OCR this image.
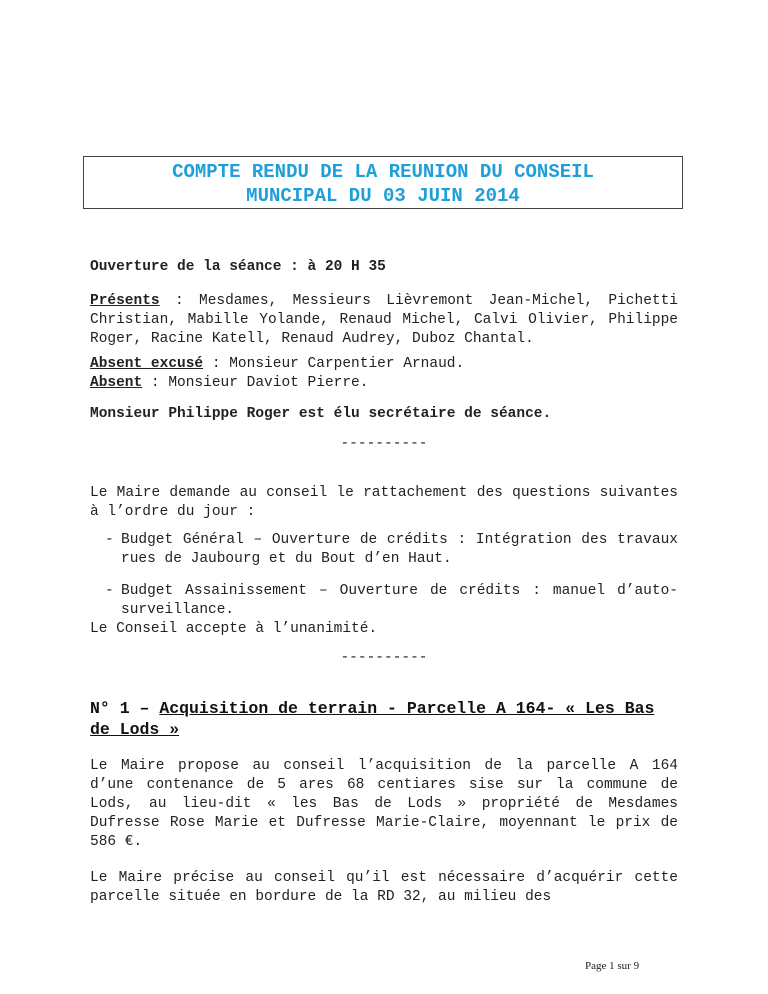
COMPTE RENDU DE LA REUNION DU CONSEIL
MUNCIPAL DU 03 JUIN 2014
Ouverture de la séance : à 20 H 35
Présents : Mesdames, Messieurs Lièvremont Jean-Michel, Pichetti Christian, Mabille Yolande, Renaud Michel, Calvi Olivier, Philippe Roger, Racine Katell, Renaud Audrey, Duboz Chantal.
Absent excusé : Monsieur Carpentier Arnaud.
Absent : Monsieur Daviot Pierre.
Monsieur Philippe Roger est élu secrétaire de séance.
----------
Le Maire demande au conseil le rattachement des questions suivantes à l’ordre du jour :
- Budget Général – Ouverture de crédits : Intégration des travaux rues de Jaubourg et du Bout d’en Haut.
- Budget Assainissement – Ouverture de crédits : manuel d’auto-surveillance.
Le Conseil accepte à l’unanimité.
----------
N° 1 – Acquisition de terrain - Parcelle A 164- « Les Bas de Lods »
Le Maire propose au conseil l’acquisition de la parcelle A 164 d’une contenance de 5 ares 68 centiares sise sur la commune de Lods, au lieu-dit « les Bas de Lods » propriété de Mesdames Dufresse Rose Marie et Dufresse Marie-Claire, moyennant le prix de 586 €.
Le Maire précise au conseil qu’il est nécessaire d’acquérir cette parcelle située en bordure de la RD 32, au milieu des
Page 1 sur 9
